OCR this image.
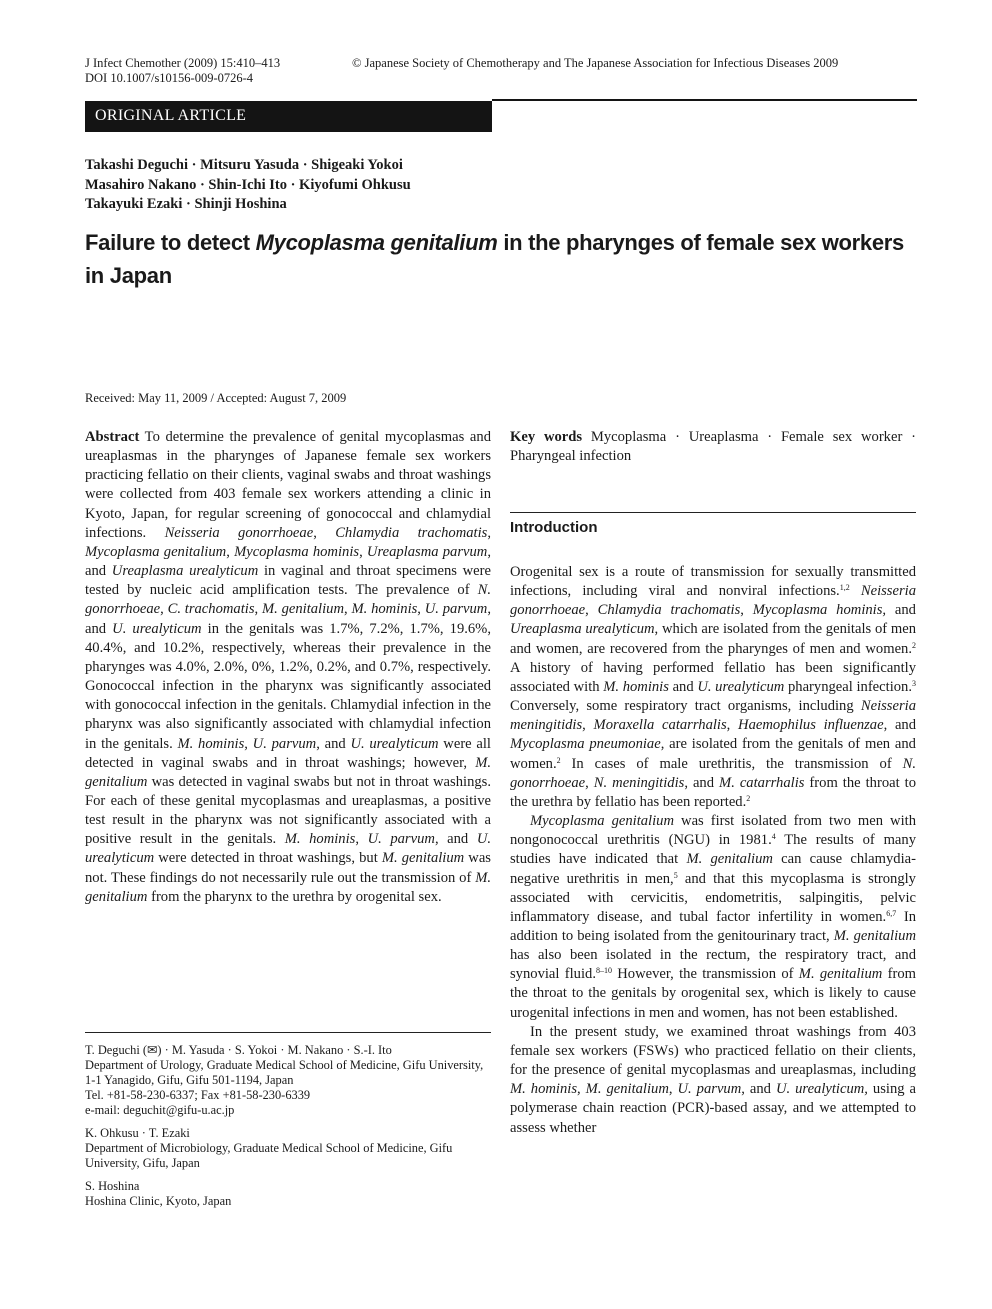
J Infect Chemother (2009) 15:410–413
DOI 10.1007/s10156-009-0726-4
© Japanese Society of Chemotherapy and The Japanese Association for Infectious Diseases 2009
ORIGINAL ARTICLE
Takashi Deguchi · Mitsuru Yasuda · Shigeaki Yokoi
Masahiro Nakano · Shin-Ichi Ito · Kiyofumi Ohkusu
Takayuki Ezaki · Shinji Hoshina
Failure to detect Mycoplasma genitalium in the pharynges of female sex workers in Japan
Received: May 11, 2009 / Accepted: August 7, 2009

Abstract To determine the prevalence of genital mycoplasmas and ureaplasmas in the pharynges of Japanese female sex workers practicing fellatio on their clients, vaginal swabs and throat washings were collected from 403 female sex workers attending a clinic in Kyoto, Japan, for regular screening of gonococcal and chlamydial infections. Neisseria gonorrhoeae, Chlamydia trachomatis, Mycoplasma genitalium, Mycoplasma hominis, Ureaplasma parvum, and Ureaplasma urealyticum in vaginal and throat specimens were tested by nucleic acid amplification tests. The prevalence of N. gonorrhoeae, C. trachomatis, M. genitalium, M. hominis, U. parvum, and U. urealyticum in the genitals was 1.7%, 7.2%, 1.7%, 19.6%, 40.4%, and 10.2%, respectively, whereas their prevalence in the pharynges was 4.0%, 2.0%, 0%, 1.2%, 0.2%, and 0.7%, respectively. Gonococcal infection in the pharynx was significantly associated with gonococcal infection in the genitals. Chlamydial infection in the pharynx was also significantly associated with chlamydial infection in the genitals. M. hominis, U. parvum, and U. urealyticum were all detected in vaginal swabs and in throat washings; however, M. genitalium was detected in vaginal swabs but not in throat washings. For each of these genital mycoplasmas and ureaplasmas, a positive test result in the pharynx was not significantly associated with a positive result in the genitals. M. hominis, U. parvum, and U. urealyticum were detected in throat washings, but M. genitalium was not. These findings do not necessarily rule out the transmission of M. genitalium from the pharynx to the urethra by orogenital sex.

T. Deguchi (✉) · M. Yasuda · S. Yokoi · M. Nakano · S.-I. Ito
Department of Urology, Graduate Medical School of Medicine, Gifu University, 1-1 Yanagido, Gifu, Gifu 501-1194, Japan
Tel. +81-58-230-6337; Fax +81-58-230-6339
e-mail: deguchit@gifu-u.ac.jp

K. Ohkusu · T. Ezaki
Department of Microbiology, Graduate Medical School of Medicine, Gifu University, Gifu, Japan

S. Hoshina
Hoshina Clinic, Kyoto, Japan

Key words Mycoplasma · Ureaplasma · Female sex worker · Pharyngeal infection

Introduction

Orogenital sex is a route of transmission for sexually transmitted infections, including viral and nonviral infections.$^{1,2}$ Neisseria gonorrhoeae, Chlamydia trachomatis, Mycoplasma hominis, and Ureaplasma urealyticum, which are isolated from the genitals of men and women, are recovered from the pharynges of men and women.$^2$ A history of having performed fellatio has been significantly associated with M. hominis and U. urealyticum pharyngeal infection.$^3$ Conversely, some respiratory tract organisms, including Neisseria meningitidis, Moraxella catarrhalis, Haemophilus influenzae, and Mycoplasma pneumoniae, are isolated from the genitals of men and women.$^2$ In cases of male urethritis, the transmission of N. gonorrhoeae, N. meningitidis, and M. catarrhalis from the throat to the urethra by fellatio has been reported.$^2$

Mycoplasma genitalium was first isolated from two men with nongonococcal urethritis (NGU) in 1981.$^4$ The results of many studies have indicated that M. genitalium can cause chlamydia-negative urethritis in men,$^5$ and that this mycoplasma is strongly associated with cervicitis, endometritis, salpingitis, pelvic inflammatory disease, and tubal factor infertility in women.$^{6,7}$ In addition to being isolated from the genitourinary tract, M. genitalium has also been isolated in the rectum, the respiratory tract, and synovial fluid.$^{8-10}$ However, the transmission of M. genitalium from the throat to the genitals by orogenital sex, which is likely to cause urogenital infections in men and women, has not been established.

In the present study, we examined throat washings from 403 female sex workers (FSWs) who practiced fellatio on their clients, for the presence of genital mycoplasmas and ureaplasmas, including M. hominis, M. genitalium, U. parvum, and U. urealyticum, using a polymerase chain reaction (PCR)-based assay, and we attempted to assess whether
